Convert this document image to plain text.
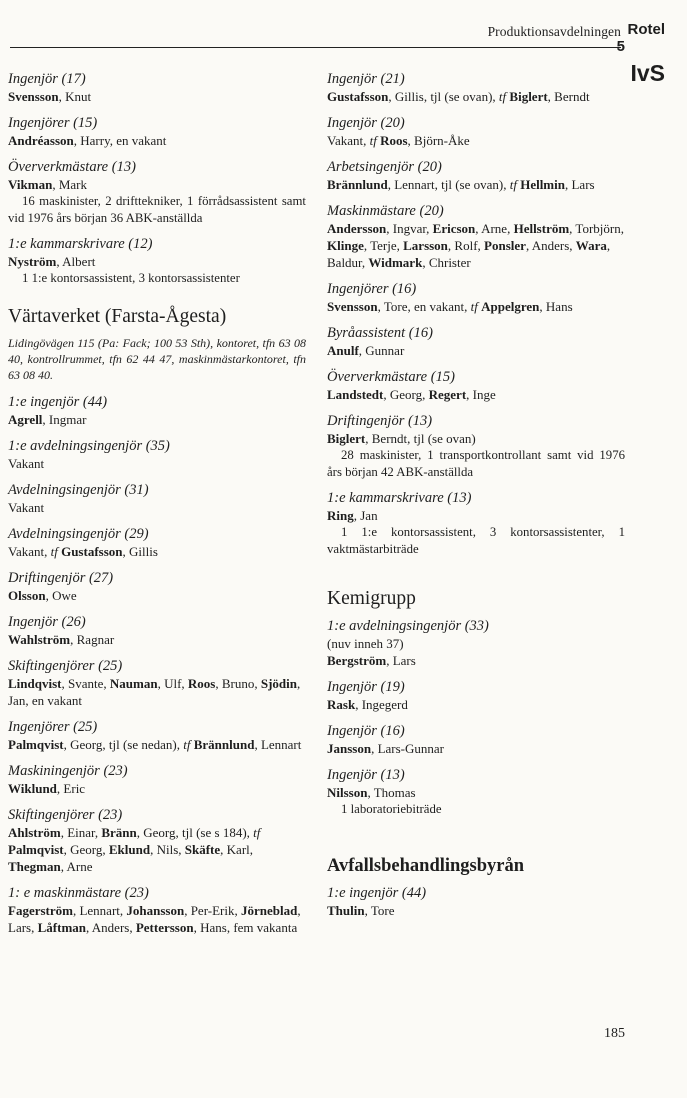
Produktionsavdelningen Rotel
5
IvS
Ingenjör (17)
Svensson, Knut
Ingenjörer (15)
Andréasson, Harry, en vakant
Öververkmästare (13)
Vikman, Mark
16 maskinister, 2 drifttekniker, 1 förrådsassistent samt vid 1976 års början 36 ABK-anställda
1:e kammarskrivare (12)
Nyström, Albert
1 1:e kontorsassistent, 3 kontorsassistenter
Värtaverket (Farsta-Ågesta)
Lidingövägen 115 (Pa: Fack; 100 53 Sth), kontoret, tfn 63 08 40, kontrollrummet, tfn 62 44 47, maskinmästarkontoret, tfn 63 08 40.
1:e ingenjör (44)
Agrell, Ingmar
1:e avdelningsingenjör (35)
Vakant
Avdelningsingenjör (31)
Vakant
Avdelningsingenjör (29)
Vakant, tf Gustafsson, Gillis
Driftingenjör (27)
Olsson, Owe
Ingenjör (26)
Wahlström, Ragnar
Skiftingenjörer (25)
Lindqvist, Svante, Nauman, Ulf, Roos, Bruno, Sjödin, Jan, en vakant
Ingenjörer (25)
Palmqvist, Georg, tjl (se nedan), tf Brännlund, Lennart
Maskiningenjör (23)
Wiklund, Eric
Skiftingenjörer (23)
Ahlström, Einar, Bränn, Georg, tjl (se s 184), tf Palmqvist, Georg, Eklund, Nils, Skäfte, Karl, Thegman, Arne
1: e maskinmästare (23)
Fagerström, Lennart, Johansson, Per-Erik, Jörneblad, Lars, Låftman, Anders, Pettersson, Hans, fem vakanta
Ingenjör (21)
Gustafsson, Gillis, tjl (se ovan), tf Biglert, Berndt
Ingenjör (20)
Vakant, tf Roos, Björn-Åke
Arbetsingenjör (20)
Brännlund, Lennart, tjl (se ovan), tf Hellmin, Lars
Maskinmästare (20)
Andersson, Ingvar, Ericson, Arne, Hellström, Torbjörn, Klinge, Terje, Larsson, Rolf, Ponsler, Anders, Wara, Baldur, Widmark, Christer
Ingenjörer (16)
Svensson, Tore, en vakant, tf Appelgren, Hans
Byråassistent (16)
Anulf, Gunnar
Öververkmästare (15)
Landstedt, Georg, Regert, Inge
Driftingenjör (13)
Biglert, Berndt, tjl (se ovan)
28 maskinister, 1 transportkontrollant samt vid 1976 års början 42 ABK-anställda
1:e kammarskrivare (13)
Ring, Jan
1 1:e kontorsassistent, 3 kontorsassistenter, 1 vaktmästarbiträde
Kemigrupp
1:e avdelningsingenjör (33)
(nuv inneh 37)
Bergström, Lars
Ingenjör (19)
Rask, Ingegerd
Ingenjör (16)
Jansson, Lars-Gunnar
Ingenjör (13)
Nilsson, Thomas
1 laboratoriebiträde
Avfallsbehandlingsbyrån
1:e ingenjör (44)
Thulin, Tore
185
